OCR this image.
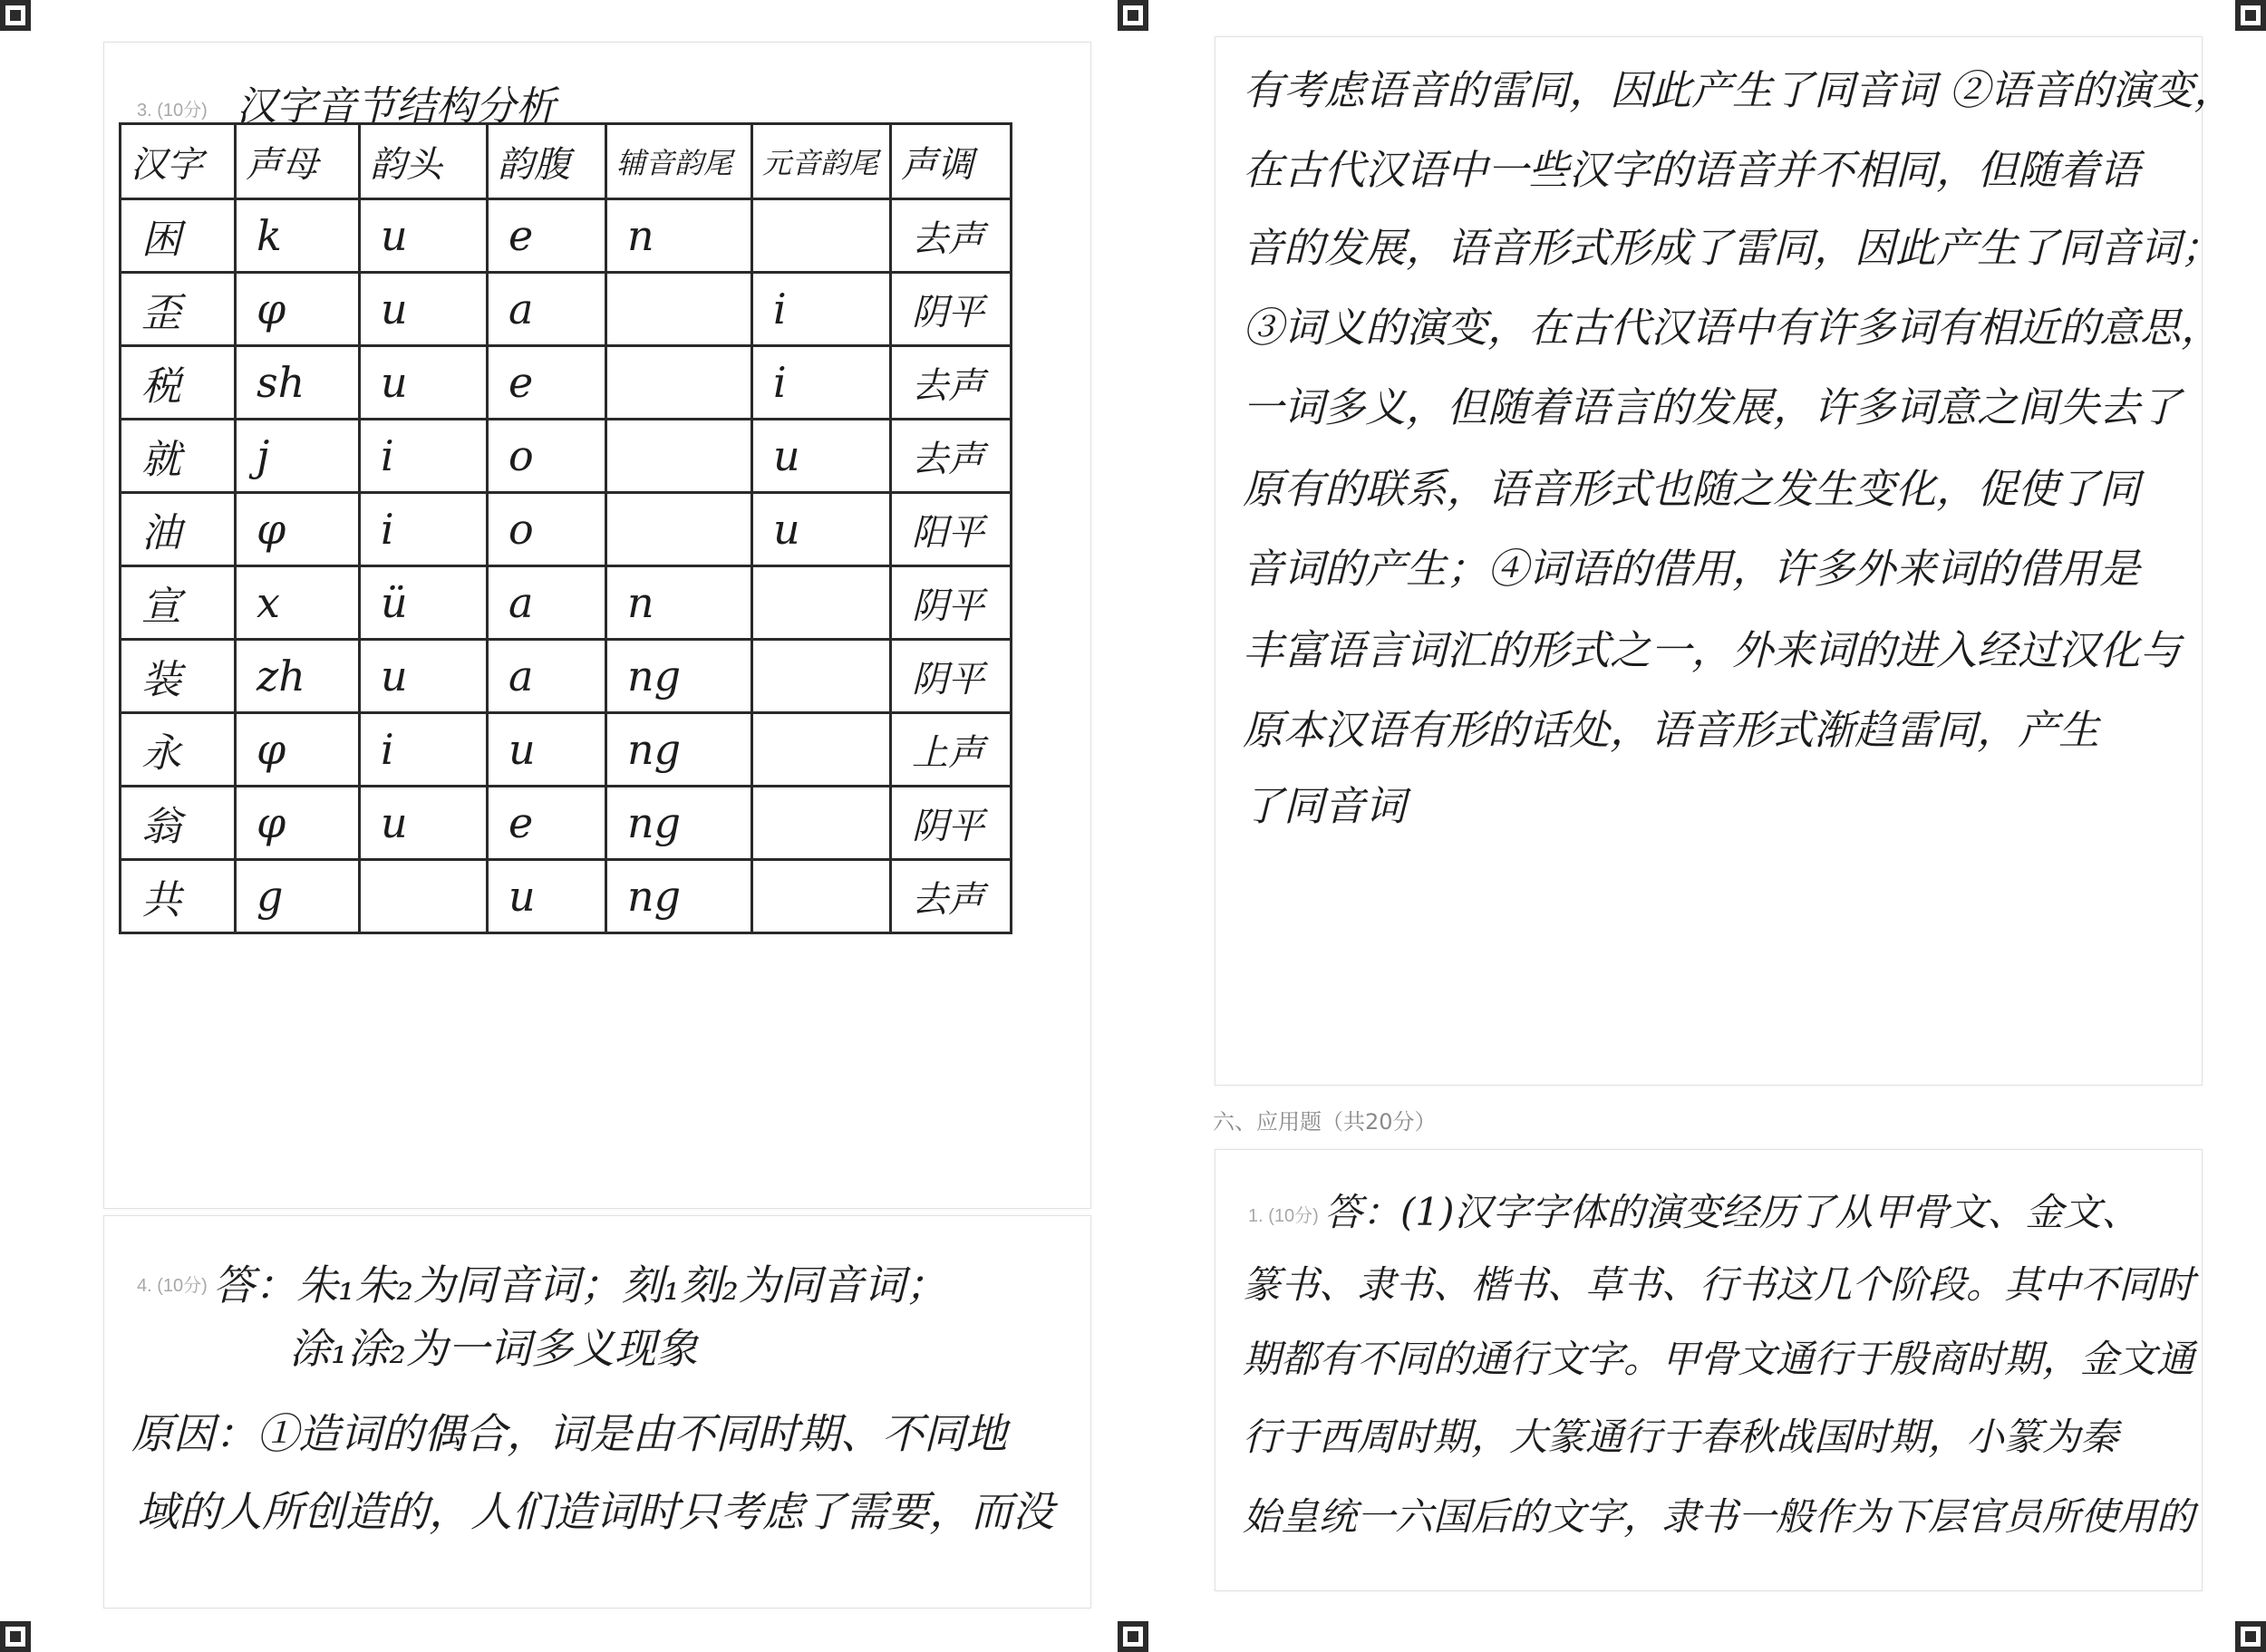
3. (10分) 汉字音节结构分析
汉字	声母	韵头	韵腹	辅音韵尾	元音韵尾	声调
困	k	u	e	n		去声
歪	φ	u	a		i	阴平
税	sh	u	e		i	去声
就	j	i	o		u	去声
油	φ	i	o		u	阳平
宣	x	ü	a	n		阴平
装	zh	u	a	ng		阴平
永	φ	i	u	ng		上声
翁	φ	u	e	ng		阴平
共	g		u	ng		去声
4. (10分) 答：朱₁朱₂为同音词；刻₁刻₂为同音词；
涂₁涂₂为一词多义现象
原因：①造词的偶合，词是由不同时期、不同地
域的人所创造的，人们造词时只考虑了需要，而没
有考虑语音的雷同，因此产生了同音词 ②语音的演变，
在古代汉语中一些汉字的语音并不相同，但随着语
音的发展，语音形式形成了雷同，因此产生了同音词；
③词义的演变，在古代汉语中有许多词有相近的意思，
一词多义，但随着语言的发展，许多词意之间失去了
原有的联系，语音形式也随之发生变化，促使了同
音词的产生；④词语的借用，许多外来词的借用是
丰富语言词汇的形式之一，外来词的进入经过汉化与
原本汉语有形的话处，语音形式渐趋雷同，产生
了同音词
六、应用题（共20分）
1. (10分) 答：(1)汉字字体的演变经历了从甲骨文、金文、
篆书、隶书、楷书、草书、行书这几个阶段。其中不同时
期都有不同的通行文字。甲骨文通行于殷商时期，金文通
行于西周时期，大篆通行于春秋战国时期，小篆为秦
始皇统一六国后的文字，隶书一般作为下层官员所使用的
